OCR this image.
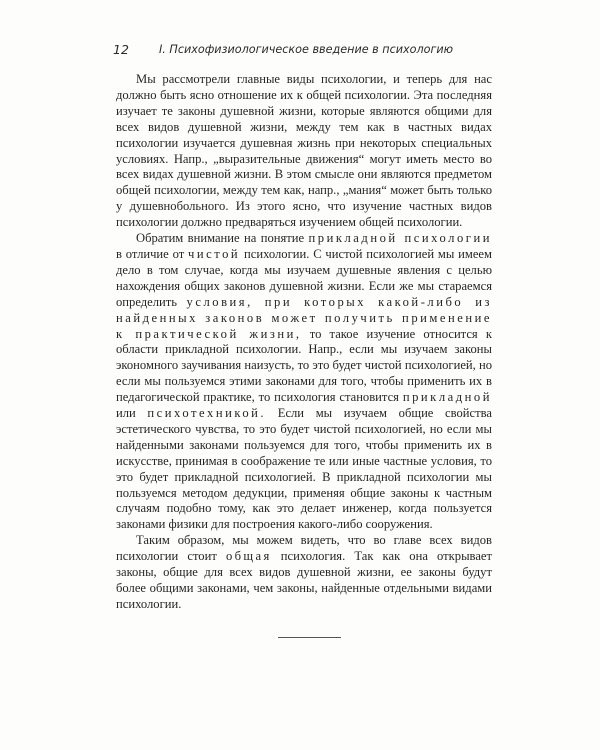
12	I. Психофизиологическое введение в психологию

Мы рассмотрели главные виды психологии, и теперь для нас должно быть ясно отношение их к общей психологии. Эта последняя изучает те законы душевной жизни, которые являются общими для всех видов душевной жизни, между тем как в частных видах психологии изучается душевная жизнь при некоторых специальных условиях. Напр., „выразительные движения“ могут иметь место во всех видах душевной жизни. В этом смысле они являются предметом общей психологии, между тем как, напр., „мания“ может быть только у душевнобольного. Из этого ясно, что изучение частных видов психологии должно предваряться изучением общей психологии.

Обратим внимание на понятие прикладной психологии в отличие от чистой психологии. С чистой психологией мы имеем дело в том случае, когда мы изучаем душевные явления с целью нахождения общих законов душевной жизни. Если же мы стараемся определить условия, при которых какой-либо из найденных законов может получить применение к практической жизни, то такое изучение относится к области прикладной психологии. Напр., если мы изучаем законы экономного заучивания наизусть, то это будет чистой психологией, но если мы пользуемся этими законами для того, чтобы применить их в педагогической практике, то психология становится прикладной или психотехникой. Если мы изучаем общие свойства эстетического чувства, то это будет чистой психологией, но если мы найденными законами пользуемся для того, чтобы применить их в искусстве, принимая в соображение те или иные частные условия, то это будет прикладной психологией. В прикладной психологии мы пользуемся методом дедукции, применяя общие законы к частным случаям подобно тому, как это делает инженер, когда пользуется законами физики для построения какого-либо сооружения.

Таким образом, мы можем видеть, что во главе всех видов психологии стоит общая психология. Так как она открывает законы, общие для всех видов душевной жизни, ее законы будут более общими законами, чем законы, найденные отдельными видами психологии.
